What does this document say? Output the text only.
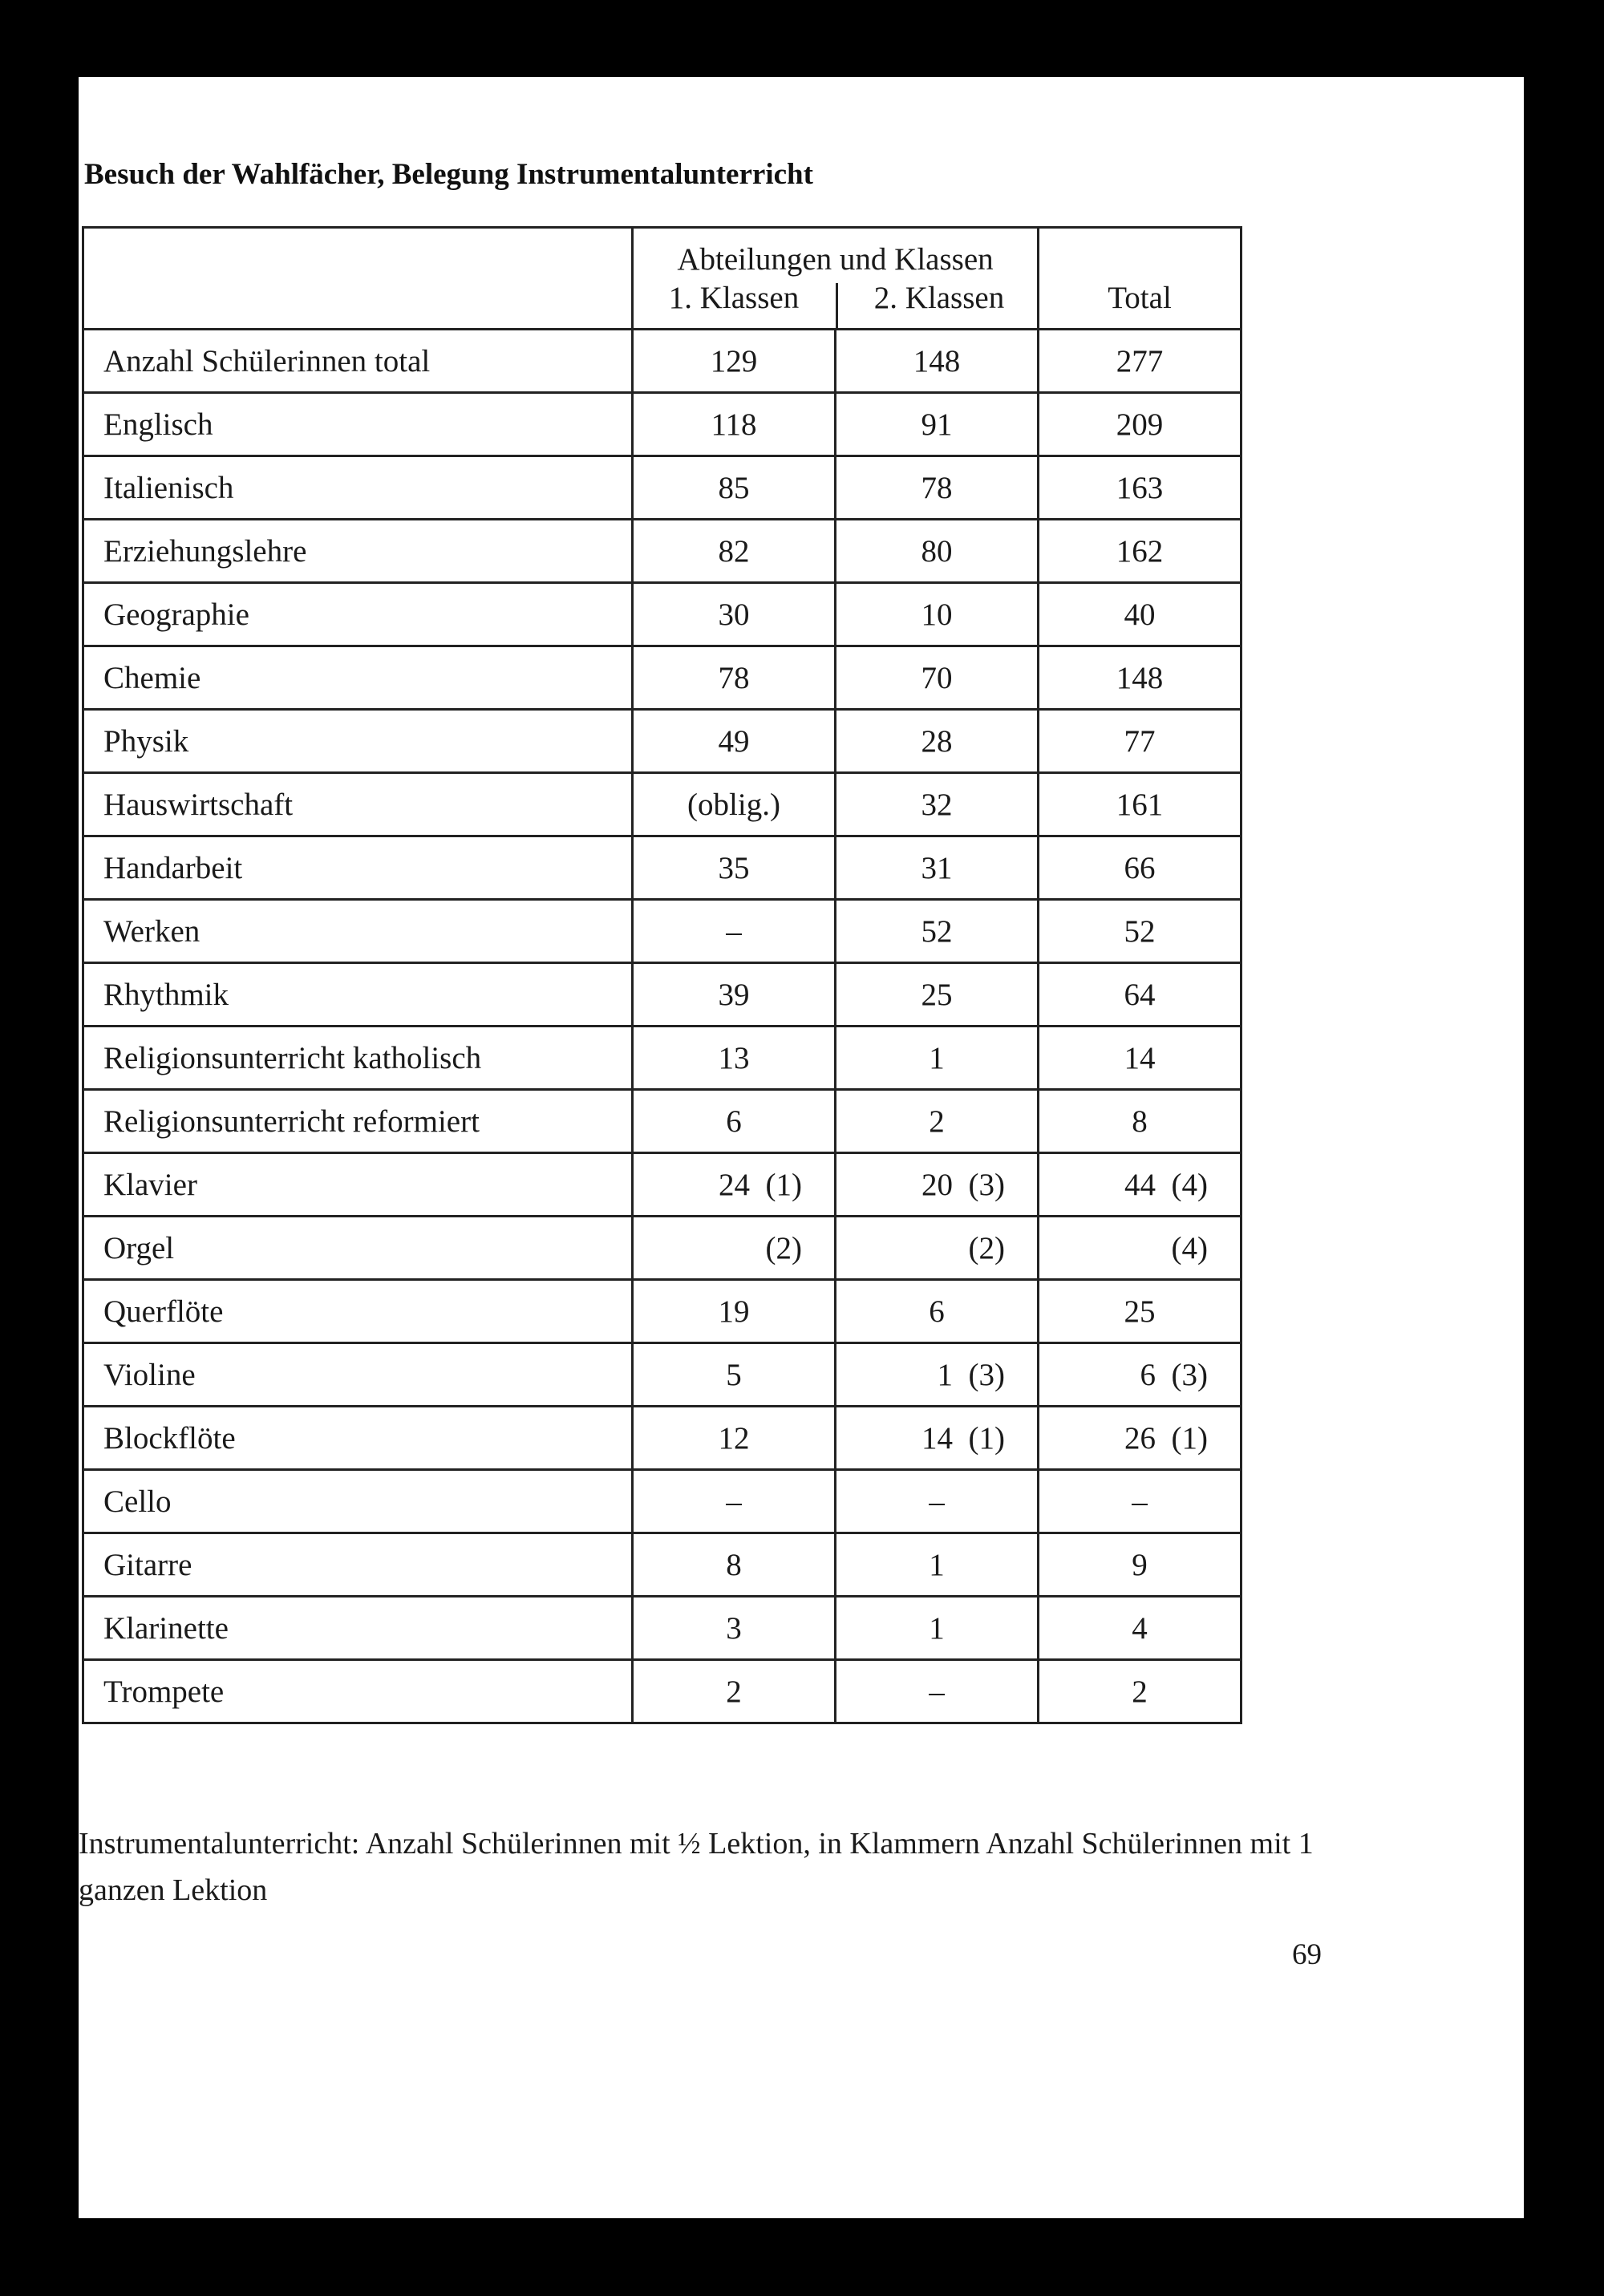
Besuch der Wahlfächer, Belegung Instrumentalunterricht

	Abteilungen und Klassen
1. Klassen 2. Klassen		Total

Anzahl Schülerinnen total	129	148	277
Englisch	118	91	209
Italienisch	85	78	163
Erziehungslehre	82	80	162
Geographie	30	10	40
Chemie	78	70	148
Physik	49	28	77
Hauswirtschaft	(oblig.)	32	161
Handarbeit	35	31	66
Werken	–	52	52
Rhythmik	39	25	64
Religionsunterricht katholisch	13	1	14
Religionsunterricht reformiert	6	2	8
Klavier	24  (1)	20  (3)	44  (4)
Orgel	(2)	(2)	(4)
Querflöte	19	6	25
Violine	5	1  (3)	6  (3)
Blockflöte	12	14  (1)	26  (1)
Cello	–	–	–
Gitarre	8	1	9
Klarinette	3	1	4
Trompete	2	–	2
Instrumentalunterricht: Anzahl Schülerinnen mit ½ Lektion, in Klammern Anzahl Schülerinnen mit 1 ganzen Lektion
69
